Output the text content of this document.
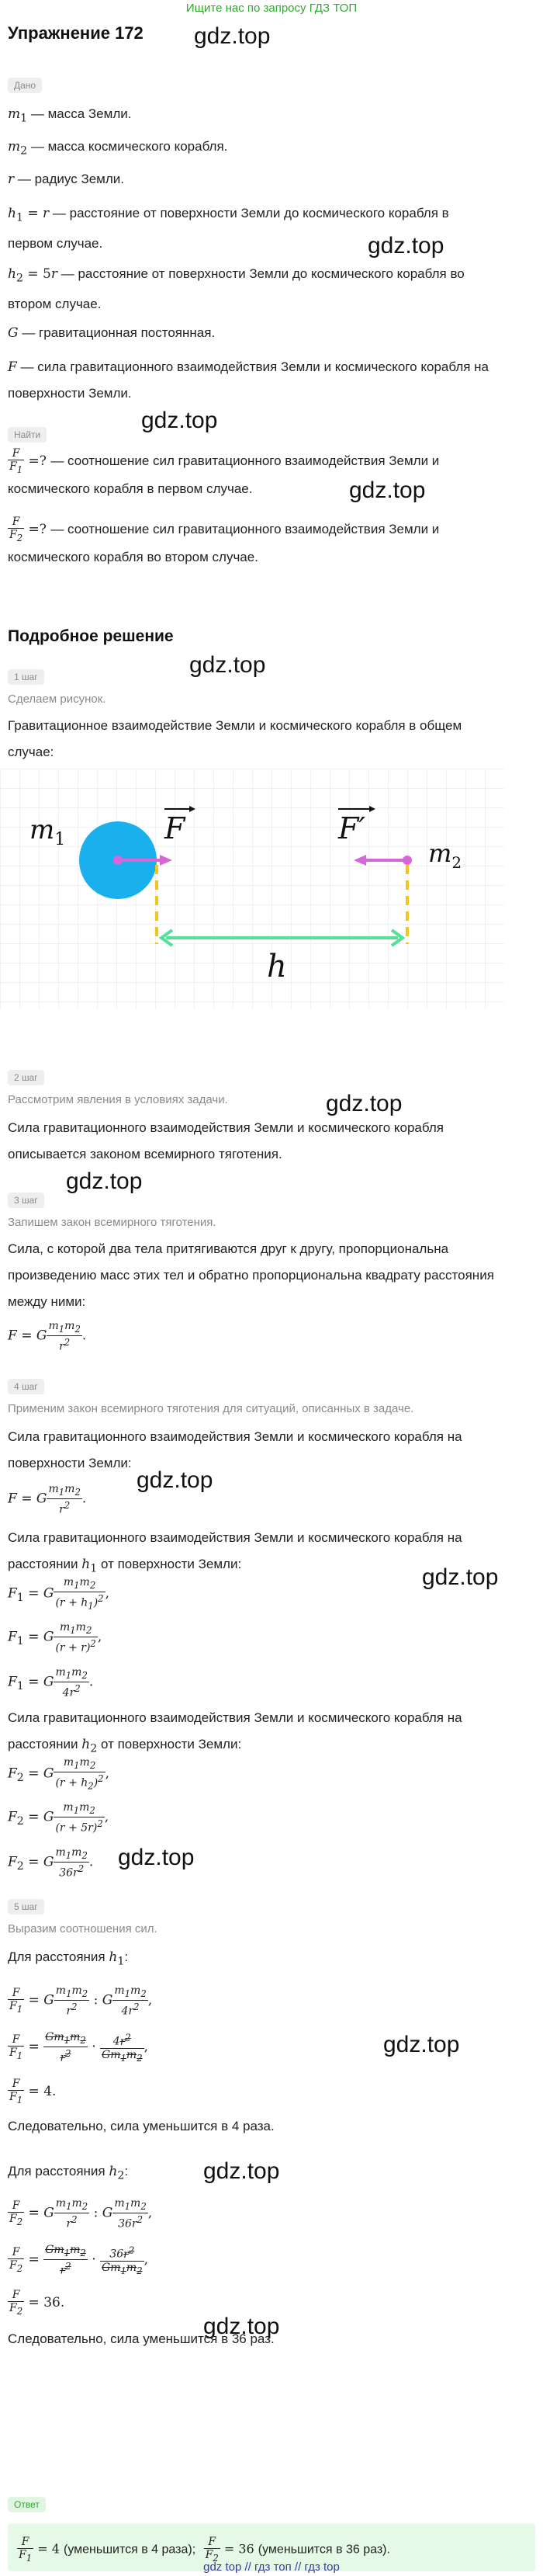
Ищите нас по запросу ГДЗ ТОП
Упражнение 172 gdz.top
gdz.top
gdz.top
gdz.top
gdz.top
gdz.top
gdz.top
gdz.top
gdz.top
gdz.top
gdz.top
gdz.top
gdz.top
Дано
$m_1$ — масса Земли.
$m_2$ — масса космического корабля.
r — радиус Земли.
$h_1 = r$ — расстояние от поверхности Земли до космического корабля в первом случае.
$h_2 = 5r$ — расстояние от поверхности Земли до космического корабля во втором случае.
G — гравитационная постоянная.
F — сила гравитационного взаимодействия Земли и космического корабля на поверхности Земли.
Найти
$\frac{F}{F_1}$ =? — соотношение сил гравитационного взаимодействия Земли и космического корабля в первом случае.
$\frac{F}{F_2}$ =? — соотношение сил гравитационного взаимодействия Земли и космического корабля во втором случае.
Подробное решение
1 шаг
Сделаем рисунок.
Гравитационное взаимодействие Земли и космического корабля в общем случае:
$m_1$	F	F′
$m_2$
h
2 шаг
Рассмотрим явления в условиях задачи.
Сила гравитационного взаимодействия Земли и космического корабля описывается законом всемирного тяготения.
3 шаг
Запишем закон всемирного тяготения.
Сила, с которой два тела притягиваются друг к другу, пропорциональна произведению масс этих тел и обратно пропорциональна квадрату расстояния между ними:
F = G $\frac{m_1m_2}{r^2}$ .
4 шаг
Применим закон всемирного тяготения для ситуаций, описанных в задаче.
Сила гравитационного взаимодействия Земли и космического корабля на поверхности Земли:
F = G $\frac{m_1m_2}{r^2}$ .
Сила гравитационного взаимодействия Земли и космического корабля на расстоянии $h_1$ от поверхности Земли:
$F_1 = G \frac{m_1m_2}{(r + h_1)^2}$ ,
$F_1 = G \frac{m_1m_2}{(r + r)^2}$ ,
$F_1 = G \frac{m_1m_2}{4r^2}$ .
Сила гравитационного взаимодействия Земли и космического корабля на расстоянии $h_2$ от поверхности Земли:
$F_2 = G \frac{m_1m_2}{(r + h_2)^2}$ ,
$F_2 = G \frac{m_1m_2}{(r + 5r)^2}$ ,
$F_2 = G \frac{m_1m_2}{36r^2}$ .
5 шаг
Выразим соотношения сил.
Для расстояния $h_1$:
$\frac{F}{F_1} = G \frac{m_1m_2}{r^2}$ : G $\frac{m_1m_2}{4r^2}$ ,
$\frac{F}{F_1} = \frac{Gm_1m_2}{r^2} \cdot \frac{4r^2}{Gm_1m_2}$ ,
$\frac{F}{F_1} = 4$.
Следовательно, сила уменьшится в 4 раза.
Для расстояния $h_2$:
$\frac{F}{F_2} = G \frac{m_1m_2}{r^2}$ : G $\frac{m_1m_2}{36r^2}$ ,
$\frac{F}{F_2} = \frac{Gm_1m_2}{r^2} \cdot \frac{36r^2}{Gm_1m_2}$ ,
$\frac{F}{F_2} = 36$.
Следовательно, сила уменьшится в 36 раз.
Ответ
$\frac{F}{F_1} = 4$ (уменьшится в 4 раза); $\frac{F}{F_2} = 36$ (уменьшится в 36 раз).
gdz top // гдз топ // гдз top
